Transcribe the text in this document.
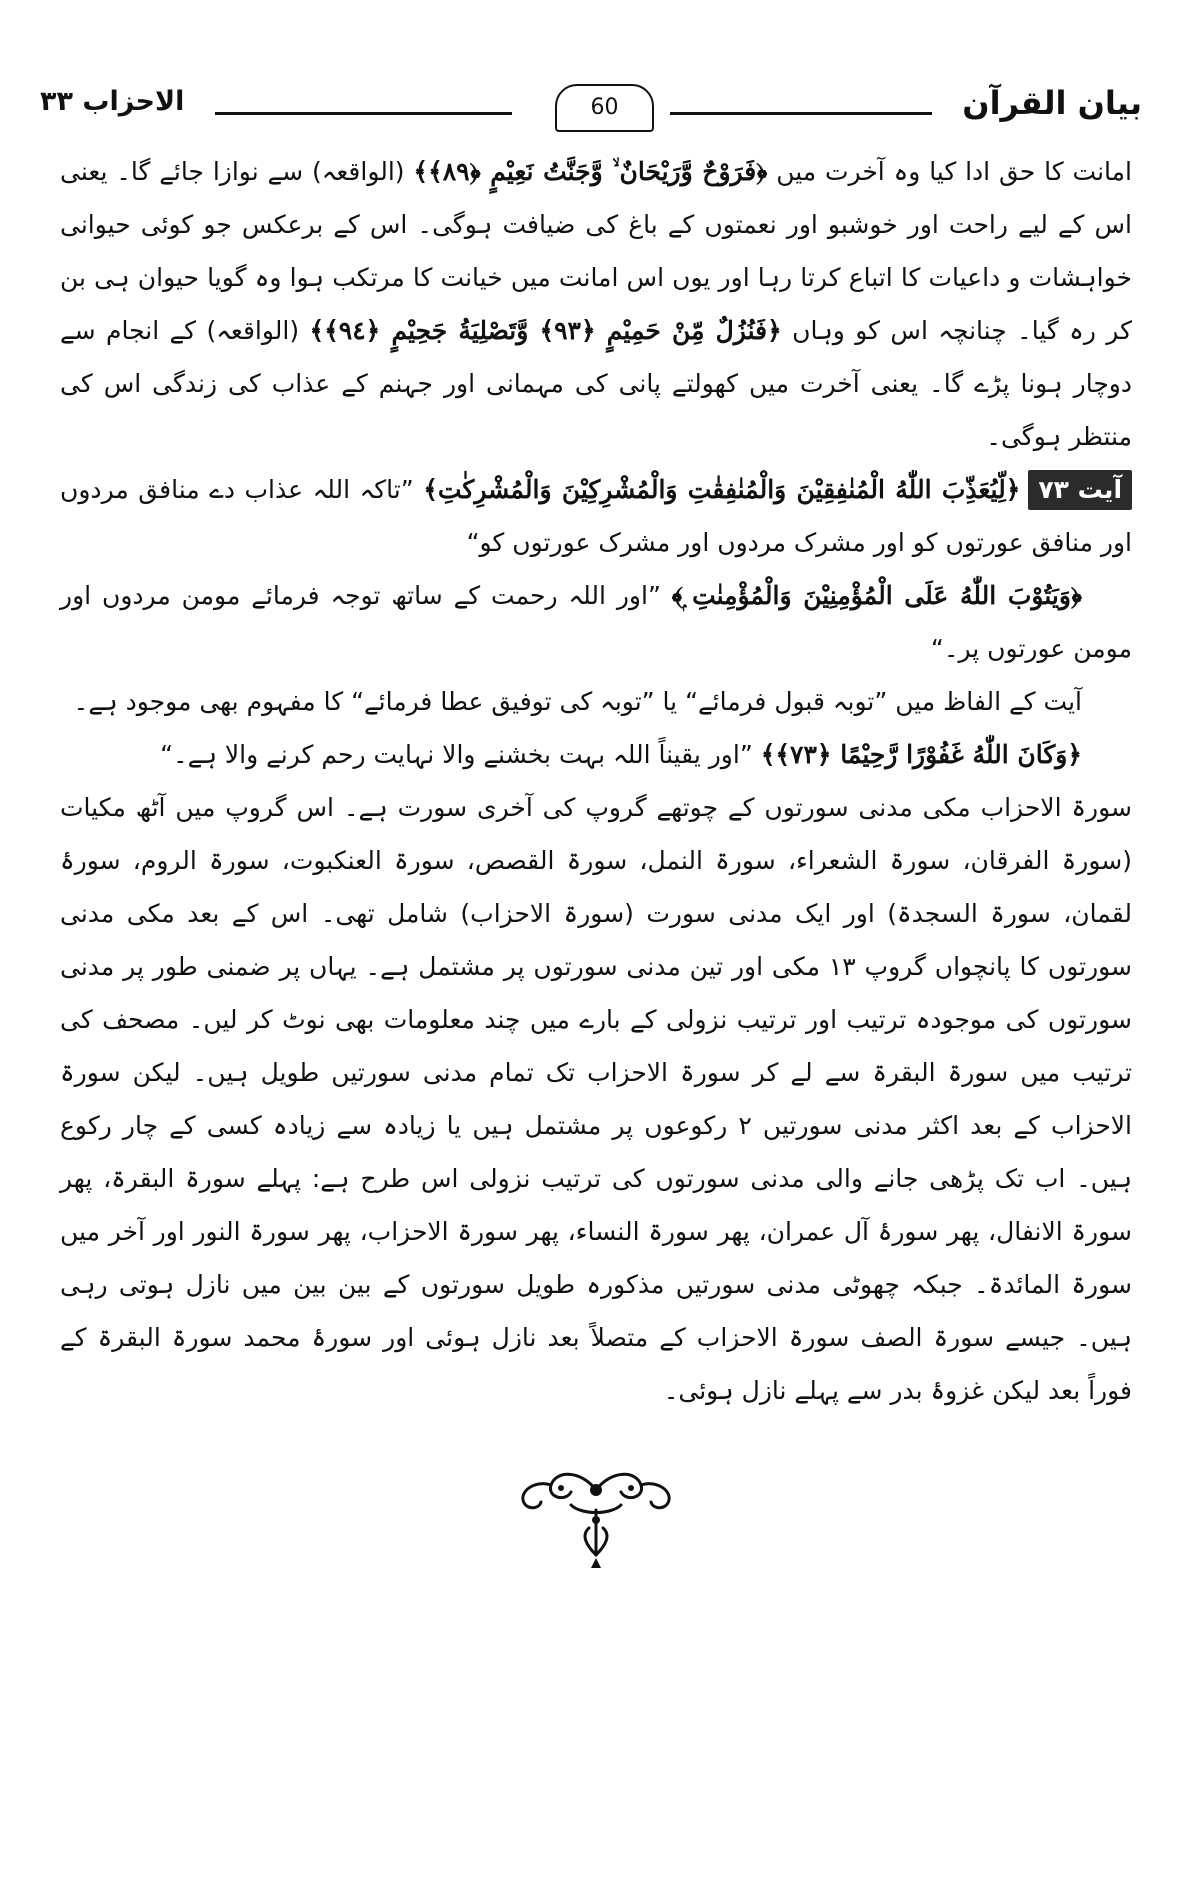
بیان القرآن
60
الاحزاب ۳۳

امانت کا حق ادا کیا وہ آخرت میں ﴿فَرَوْحٌ وَّرَيْحَانٌ ۙ وَّجَنَّتُ نَعِيْمٍ ﴿٨٩﴾﴾ (الواقعہ) سے نوازا جائے گا۔ یعنی اس کے لیے راحت اور خوشبو اور نعمتوں کے باغ کی ضیافت ہوگی۔ اس کے برعکس جو کوئی حیوانی خواہشات و داعیات کا اتباع کرتا رہا اور یوں اس امانت میں خیانت کا مرتکب ہوا وہ گویا حیوان ہی بن کر رہ گیا۔ چنانچہ اس کو وہاں ﴿فَنُزُلٌ مِّنْ حَمِيْمٍ ﴿٩٣﴾ وَّتَصْلِيَةُ جَحِيْمٍ ﴿٩٤﴾﴾ (الواقعہ) کے انجام سے دوچار ہونا پڑے گا۔ یعنی آخرت میں کھولتے پانی کی مہمانی اور جہنم کے عذاب کی زندگی اس کی منتظر ہوگی۔

آیت ۷۳﴿لِّيُعَذِّبَ اللّٰهُ الْمُنٰفِقِيْنَ وَالْمُنٰفِقٰتِ وَالْمُشْرِكِيْنَ وَالْمُشْرِكٰتِ﴾ ”تاکہ اللہ عذاب دے منافق مردوں اور منافق عورتوں کو اور مشرک مردوں اور مشرک عورتوں کو“

﴿وَيَتُوْبَ اللّٰهُ عَلَى الْمُؤْمِنِيْنَ وَالْمُؤْمِنٰتِ ۭ﴾ ”اور اللہ رحمت کے ساتھ توجہ فرمائے مومن مردوں اور مومن عورتوں پر۔“

آیت کے الفاظ میں ”توبہ قبول فرمائے“ یا ”توبہ کی توفیق عطا فرمائے“ کا مفہوم بھی موجود ہے۔

﴿وَكَانَ اللّٰهُ غَفُوْرًا رَّحِيْمًا ﴿٧٣﴾﴾ ”اور یقیناً اللہ بہت بخشنے والا نہایت رحم کرنے والا ہے۔“

سورۃ الاحزاب مکی مدنی سورتوں کے چوتھے گروپ کی آخری سورت ہے۔ اس گروپ میں آٹھ مکیات (سورۃ الفرقان، سورۃ الشعراء، سورۃ النمل، سورۃ القصص، سورۃ العنکبوت، سورۃ الروم، سورۂ لقمان، سورۃ السجدۃ) اور ایک مدنی سورت (سورۃ الاحزاب) شامل تھی۔ اس کے بعد مکی مدنی سورتوں کا پانچواں گروپ ۱۳ مکی اور تین مدنی سورتوں پر مشتمل ہے۔ یہاں پر ضمنی طور پر مدنی سورتوں کی موجودہ ترتیب اور ترتیب نزولی کے بارے میں چند معلومات بھی نوٹ کر لیں۔ مصحف کی ترتیب میں سورۃ البقرۃ سے لے کر سورۃ الاحزاب تک تمام مدنی سورتیں طویل ہیں۔ لیکن سورۃ الاحزاب کے بعد اکثر مدنی سورتیں ۲ رکوعوں پر مشتمل ہیں یا زیادہ سے زیادہ کسی کے چار رکوع ہیں۔ اب تک پڑھی جانے والی مدنی سورتوں کی ترتیب نزولی اس طرح ہے: پہلے سورۃ البقرۃ، پھر سورۃ الانفال، پھر سورۂ آل عمران، پھر سورۃ النساء، پھر سورۃ الاحزاب، پھر سورۃ النور اور آخر میں سورۃ المائدۃ۔ جبکہ چھوٹی مدنی سورتیں مذکورہ طویل سورتوں کے بین بین میں نازل ہوتی رہی ہیں۔ جیسے سورۃ الصف سورۃ الاحزاب کے متصلاً بعد نازل ہوئی اور سورۂ محمد سورۃ البقرۃ کے فوراً بعد لیکن غزوۂ بدر سے پہلے نازل ہوئی۔
